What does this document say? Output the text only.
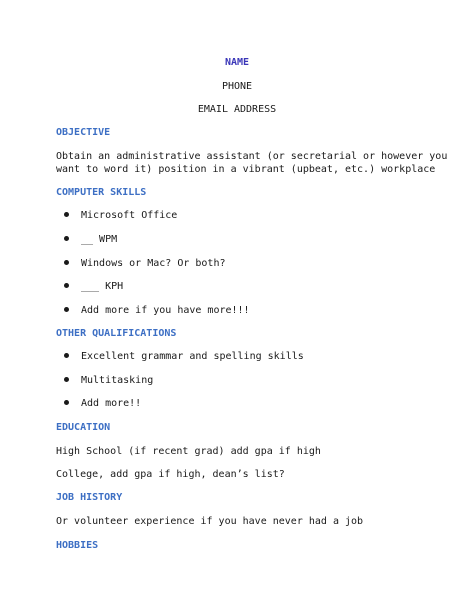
NAME
PHONE
EMAIL ADDRESS
OBJECTIVE
Obtain an administrative assistant (or secretarial or however you
want to word it) position in a vibrant (upbeat, etc.) workplace
COMPUTER SKILLS
Microsoft Office
__ WPM
Windows or Mac? Or both?
___ KPH
Add more if you have more!!!
OTHER QUALIFICATIONS
Excellent grammar and spelling skills
Multitasking
Add more!!
EDUCATION
High School (if recent grad) add gpa if high
College, add gpa if high, dean’s list?
JOB HISTORY
Or volunteer experience if you have never had a job
HOBBIES
